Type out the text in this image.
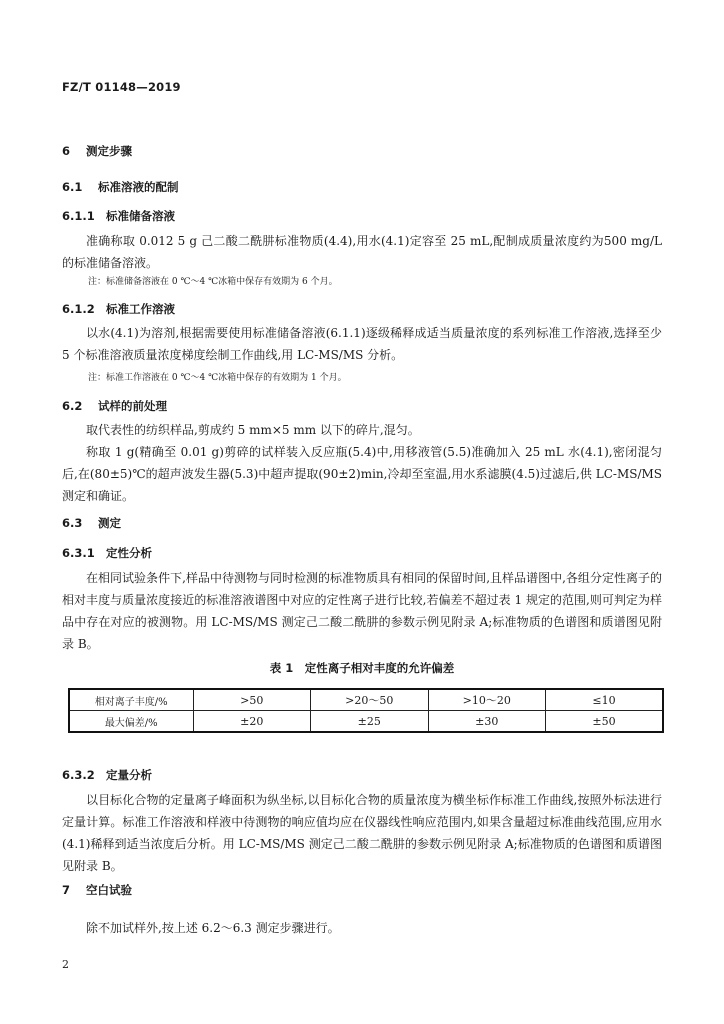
FZ/T 01148—2019
6 测定步骤
6.1 标准溶液的配制
6.1.1 标准储备溶液

准确称取 0.012 5 g 己二酸二酰肼标准物质(4.4),用水(4.1)定容至 25 mL,配制成质量浓度约为500 mg/L 的标准储备溶液。

注：标准储备溶液在 0 ℃～4 ℃冰箱中保存有效期为 6 个月。
6.1.2 标准工作溶液

以水(4.1)为溶剂,根据需要使用标准储备溶液(6.1.1)逐级稀释成适当质量浓度的系列标准工作溶液,选择至少 5 个标准溶液质量浓度梯度绘制工作曲线,用 LC-MS/MS 分析。

注：标准工作溶液在 0 ℃～4 ℃冰箱中保存的有效期为 1 个月。
6.2 试样的前处理

取代表性的纺织样品,剪成约 5 mm×5 mm 以下的碎片,混匀。

称取 1 g(精确至 0.01 g)剪碎的试样装入反应瓶(5.4)中,用移液管(5.5)准确加入 25 mL 水(4.1),密闭混匀后,在(80±5)℃的超声波发生器(5.3)中超声提取(90±2)min,冷却至室温,用水系滤膜(4.5)过滤后,供 LC-MS/MS 测定和确证。

6.3 测定
6.3.1 定性分析

在相同试验条件下,样品中待测物与同时检测的标准物质具有相同的保留时间,且样品谱图中,各组分定性离子的相对丰度与质量浓度接近的标准溶液谱图中对应的定性离子进行比较,若偏差不超过表 1 规定的范围,则可判定为样品中存在对应的被测物。用 LC-MS/MS 测定己二酸二酰肼的参数示例见附录 A;标准物质的色谱图和质谱图见附录 B。

表 1　定性离子相对丰度的允许偏差
相对离子丰度/%	>50	>20～50	>10～20	≤10
最大偏差/%	±20	±25	±30	±50
6.3.2 定量分析

以目标化合物的定量离子峰面积为纵坐标,以目标化合物的质量浓度为横坐标作标准工作曲线,按照外标法进行定量计算。标准工作溶液和样液中待测物的响应值均应在仪器线性响应范围内,如果含量超过标准曲线范围,应用水(4.1)稀释到适当浓度后分析。用 LC-MS/MS 测定己二酸二酰肼的参数示例见附录 A;标准物质的色谱图和质谱图见附录 B。

7 空白试验

除不加试样外,按上述 6.2～6.3 测定步骤进行。

2
